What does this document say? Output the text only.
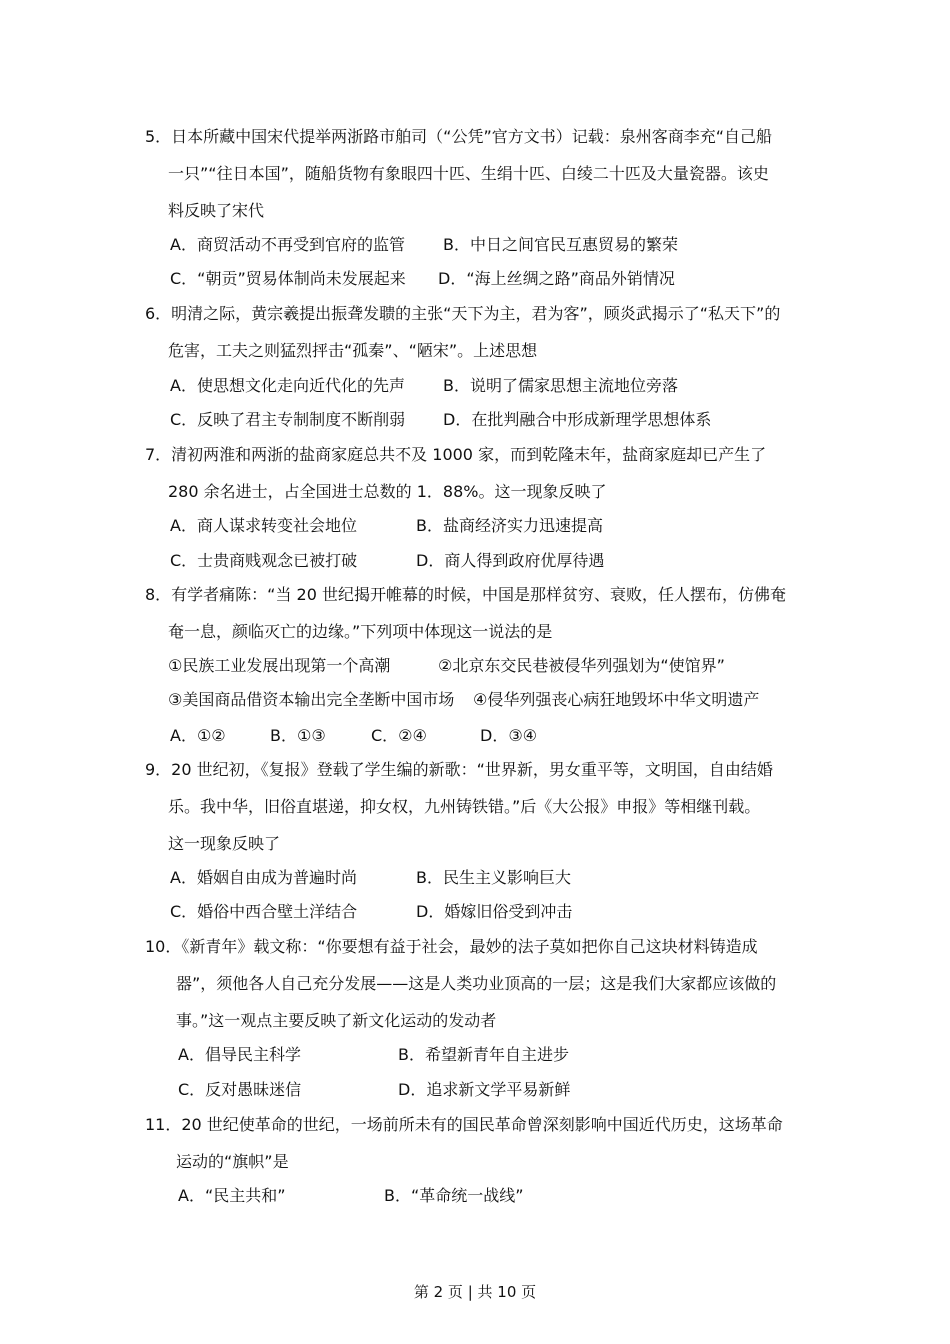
5．日本所藏中国宋代提举两浙路市舶司（“公凭”官方文书）记载：泉州客商李充“自己船
一只”“往日本国”，随船货物有象眼四十匹、生绢十匹、白绫二十匹及大量瓷器。该史
料反映了宋代
A．商贸活动不再受到官府的监管 B．中日之间官民互惠贸易的繁荣
C．“朝贡”贸易体制尚未发展起来 D．“海上丝绸之路”商品外销情况
6．明清之际，黄宗羲提出振聋发聩的主张“天下为主，君为客”，顾炎武揭示了“私天下”的
危害，工夫之则猛烈抨击“孤秦”、“陋宋”。上述思想
A．使思想文化走向近代化的先声 B．说明了儒家思想主流地位旁落
C．反映了君主专制制度不断削弱 D．在批判融合中形成新理学思想体系
7．清初两淮和两浙的盐商家庭总共不及 1000 家，而到乾隆末年，盐商家庭却已产生了
280 余名进士，占全国进士总数的 1．88%。这一现象反映了
A．商人谋求转变社会地位	B．盐商经济实力迅速提高
C．士贵商贱观念已被打破	D．商人得到政府优厚待遇
8．有学者痛陈：“当 20 世纪揭开帷幕的时候，中国是那样贫穷、衰败，任人摆布，仿佛奄
奄一息，颜临灭亡的边缘。”下列项中体现这一说法的是
①民族工业发展出现第一个高潮	②北京东交民巷被侵华列强划为“使馆界”
③美国商品借资本输出完全垄断中国市场 ④侵华列强丧心病狂地毁坏中华文明遗产
A．①②	B．①③	C．②④	D．③④
9．20 世纪初，《复报》登载了学生编的新歌：“世界新，男女重平等，文明国，自由结婚
乐。我中华，旧俗直堪递，抑女权，九州铸铁错。”后《大公报》申报》等相继刊载。
这一现象反映了
A．婚姻自由成为普遍时尚	B．民生主义影响巨大
C．婚俗中西合壁土洋结合	D．婚嫁旧俗受到冲击
10．《新青年》载文称：“你要想有益于社会，最妙的法子莫如把你自己这块材料铸造成
器”，须他各人自己充分发展——这是人类功业顶高的一层；这是我们大家都应该做的
事。”这一观点主要反映了新文化运动的发动者
A．倡导民主科学	B．希望新青年自主进步
C．反对愚昧迷信	D．追求新文学平易新鲜
11．20 世纪使革命的世纪，一场前所未有的国民革命曾深刻影响中国近代历史，这场革命
运动的“旗帜”是
A．“民主共和”	B．“革命统一战线”
第 2 页 | 共 10 页
